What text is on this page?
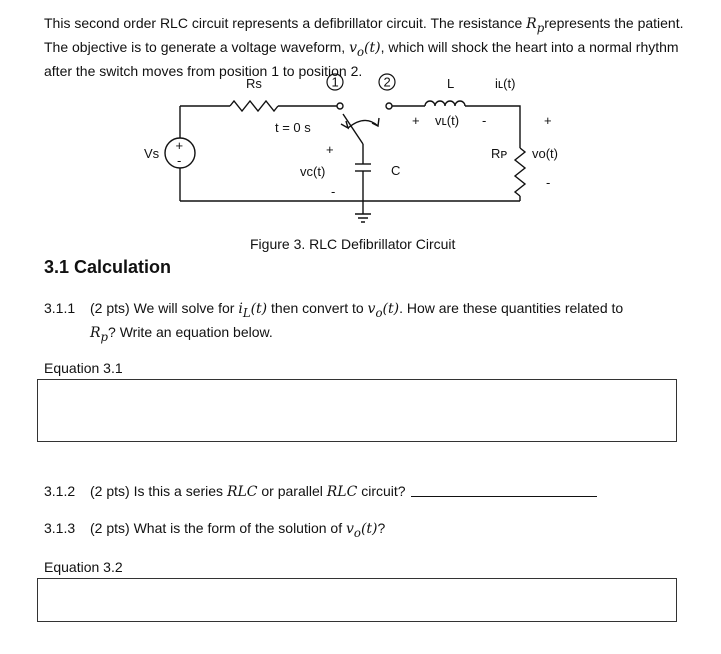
This second order RLC circuit represents a defibrillator circuit. The resistance $R_prepresents$ the patient.

The objective is to generate a voltage waveform, $v_o(t)$, which will shock the heart into a normal rhythm

after the switch moves from position 1 to position 2.

+
-
1	2
Rs	L	iʟ(t)
t = 0 s	+ vʟ(t) -	+
Vs	+
vc(t)
-
C
Rᴘ vo(t)
-
Figure 3. RLC Defibrillator Circuit
3.1 Calculation
3.1.1 (2 pts) We will solve for $i_L(t)$ then convert to $v_o(t)$. How are these quantities related to
$R_p$? Write an equation below.
Equation 3.1
3.1.2 (2 pts) Is this a series RLC or parallel RLC circuit?
3.1.3 (2 pts) What is the form of the solution of $v_o(t)$?
Equation 3.2
